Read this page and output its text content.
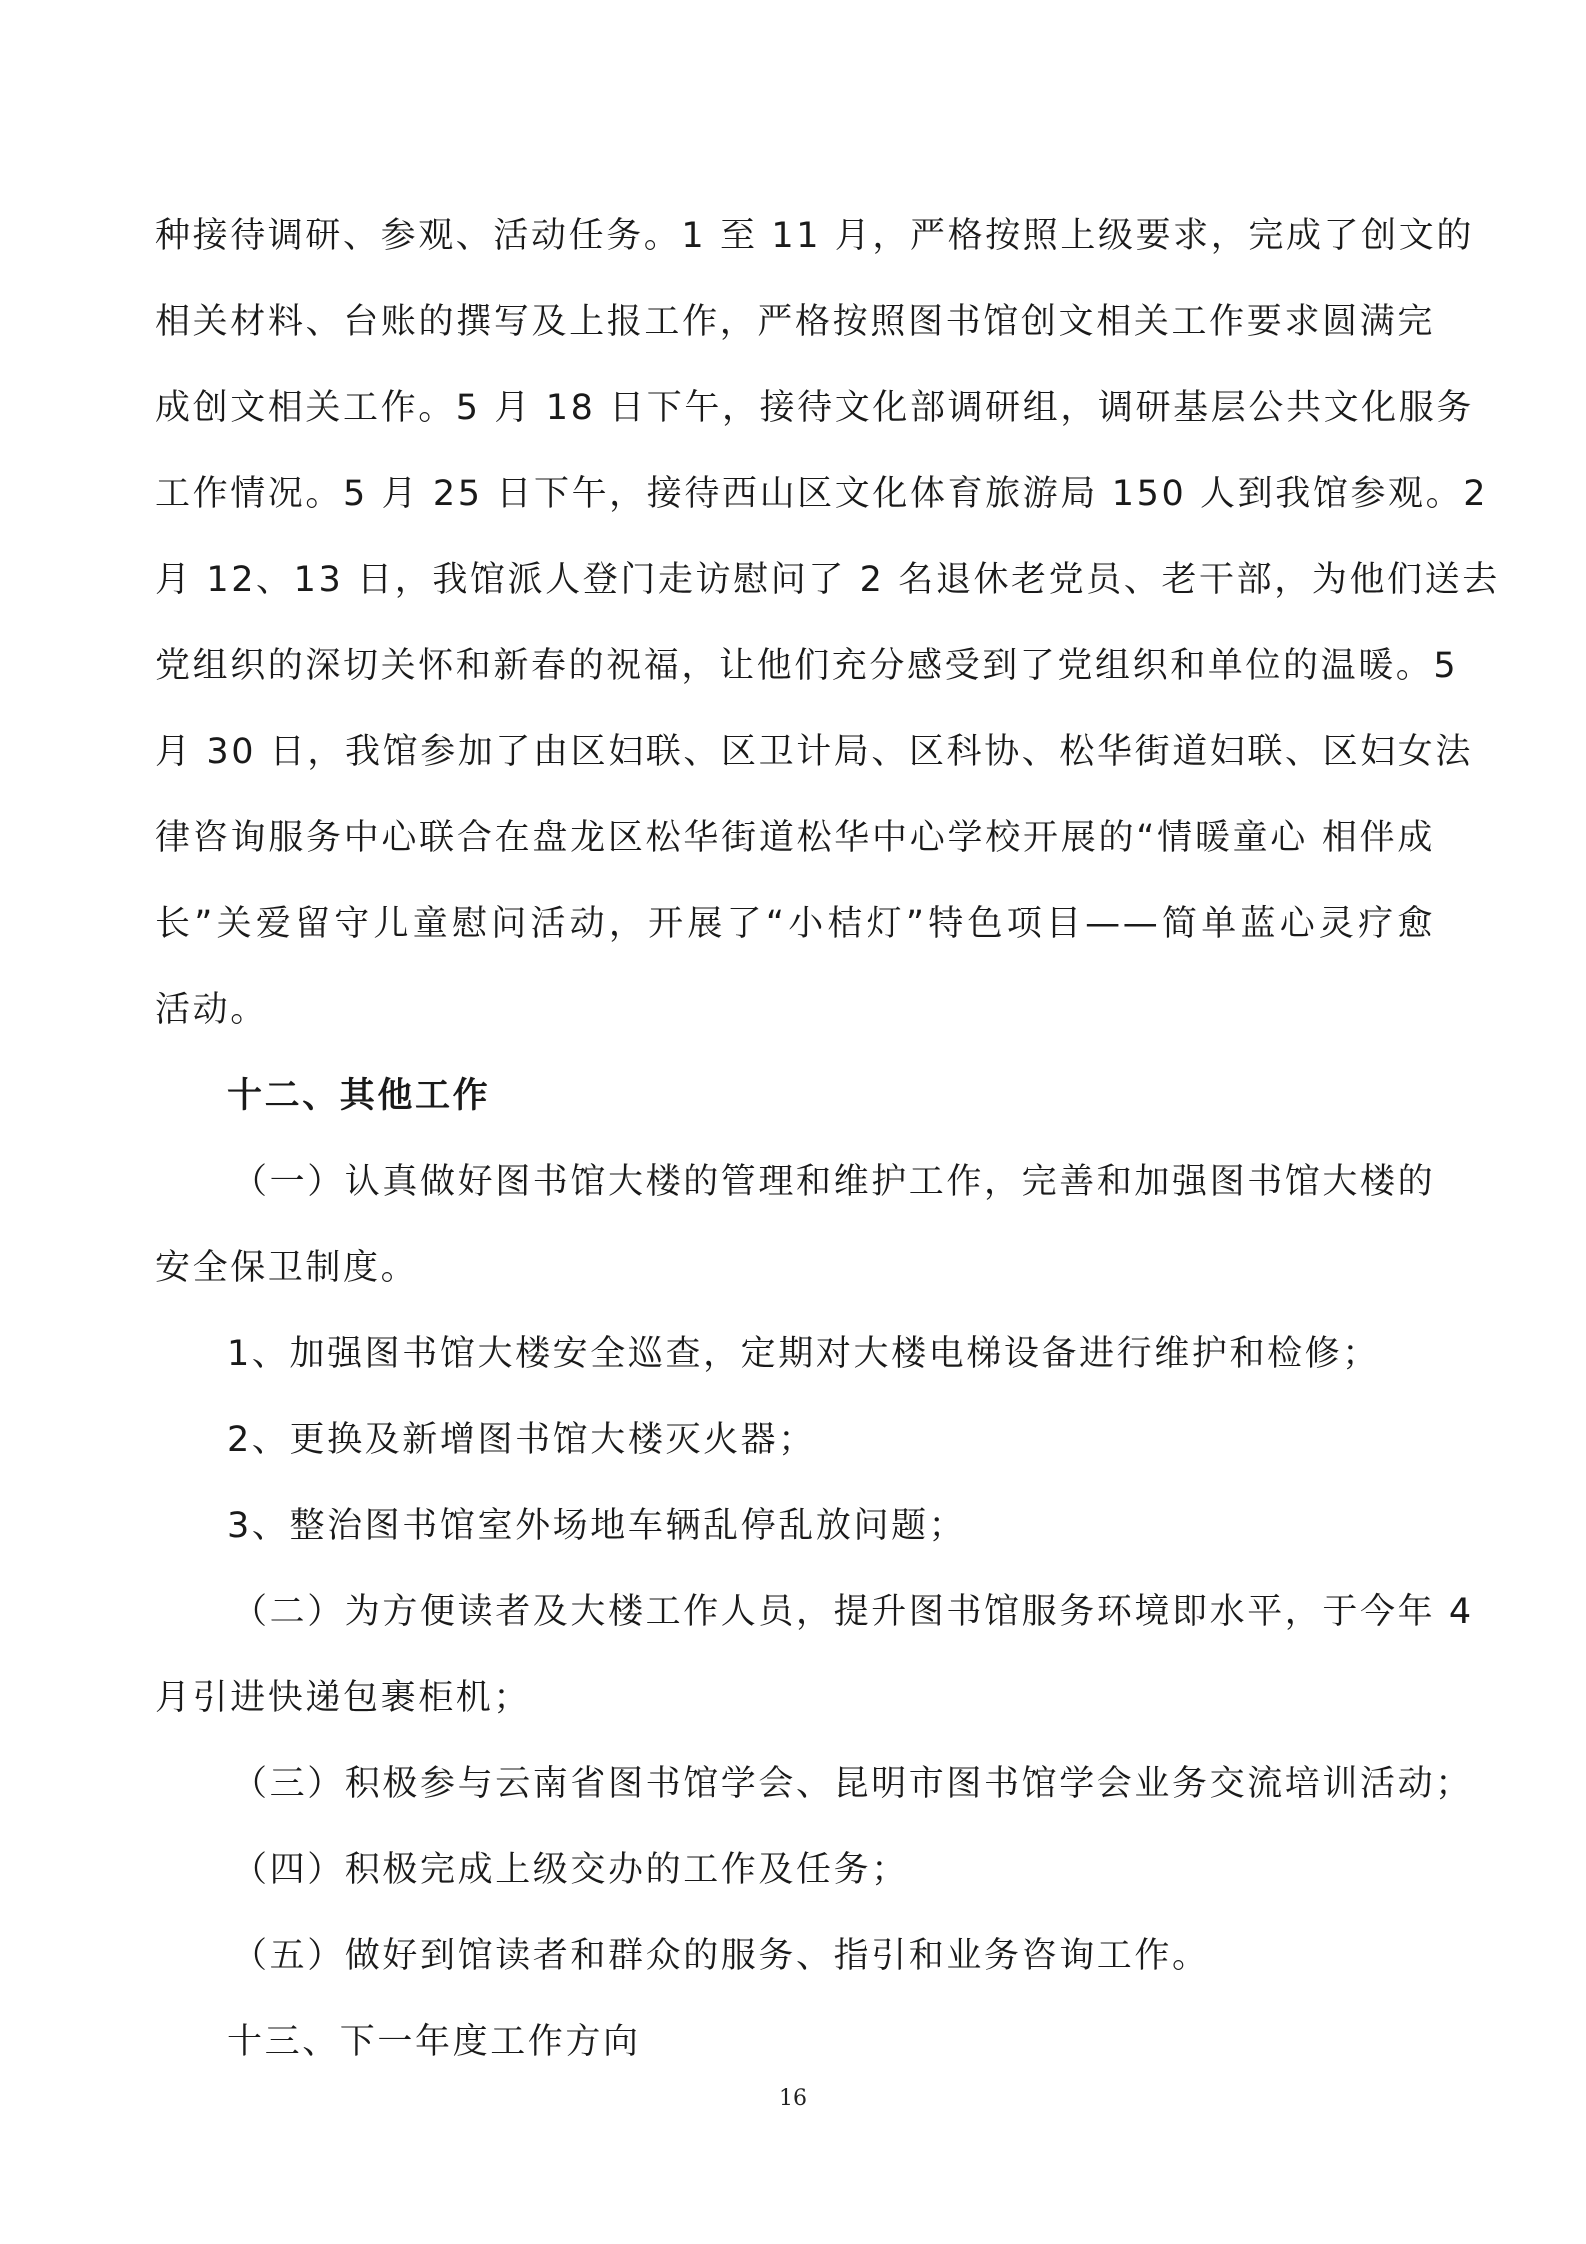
种接待调研、参观、活动任务。1 至 11 月，严格按照上级要求，完成了创文的
相关材料、台账的撰写及上报工作，严格按照图书馆创文相关工作要求圆满完
成创文相关工作。5 月 18 日下午，接待文化部调研组，调研基层公共文化服务
工作情况。5 月 25 日下午，接待西山区文化体育旅游局 150 人到我馆参观。2
月 12、13 日，我馆派人登门走访慰问了 2 名退休老党员、老干部，为他们送去
党组织的深切关怀和新春的祝福，让他们充分感受到了党组织和单位的温暖。5
月 30 日，我馆参加了由区妇联、区卫计局、区科协、松华街道妇联、区妇女法
律咨询服务中心联合在盘龙区松华街道松华中心学校开展的“情暖童心 相伴成
长”关爱留守儿童慰问活动，开展了“小桔灯”特色项目——简单蓝心灵疗愈
活动。
十二、其他工作
（一）认真做好图书馆大楼的管理和维护工作，完善和加强图书馆大楼的
安全保卫制度。
1、加强图书馆大楼安全巡查，定期对大楼电梯设备进行维护和检修；
2、更换及新增图书馆大楼灭火器；
3、整治图书馆室外场地车辆乱停乱放问题；
（二）为方便读者及大楼工作人员，提升图书馆服务环境即水平，于今年 4
月引进快递包裹柜机；
（三）积极参与云南省图书馆学会、昆明市图书馆学会业务交流培训活动；
（四）积极完成上级交办的工作及任务；
（五）做好到馆读者和群众的服务、指引和业务咨询工作。
十三、下一年度工作方向
16
